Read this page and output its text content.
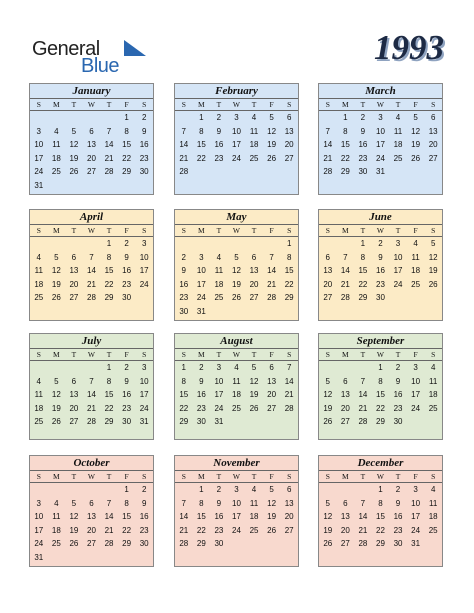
General
Blue	1993
January
S	M	T	W	T	F	S
					1	2
3	4	5	6	7	8	9
10	11	12	13	14	15	16
17	18	19	20	21	22	23
24	25	26	27	28	29	30
31						
February
S	M	T	W	T	F	S
	1	2	3	4	5	6
7	8	9	10	11	12	13
14	15	16	17	18	19	20
21	22	23	24	25	26	27
28						
March
S	M	T	W	T	F	S
	1	2	3	4	5	6
7	8	9	10	11	12	13
14	15	16	17	18	19	20
21	22	23	24	25	26	27
28	29	30	31			
April
S	M	T	W	T	F	S
				1	2	3
4	5	6	7	8	9	10
11	12	13	14	15	16	17
18	19	20	21	22	23	24
25	26	27	28	29	30	
May
S	M	T	W	T	F	S
						1
2	3	4	5	6	7	8
9	10	11	12	13	14	15
16	17	18	19	20	21	22
23	24	25	26	27	28	29
30	31					
June
S	M	T	W	T	F	S
		1	2	3	4	5
6	7	8	9	10	11	12
13	14	15	16	17	18	19
20	21	22	23	24	25	26
27	28	29	30			
July
S	M	T	W	T	F	S
				1	2	3
4	5	6	7	8	9	10
11	12	13	14	15	16	17
18	19	20	21	22	23	24
25	26	27	28	29	30	31
August
S	M	T	W	T	F	S
1	2	3	4	5	6	7
8	9	10	11	12	13	14
15	16	17	18	19	20	21
22	23	24	25	26	27	28
29	30	31				
September
S	M	T	W	T	F	S
			1	2	3	4
5	6	7	8	9	10	11
12	13	14	15	16	17	18
19	20	21	22	23	24	25
26	27	28	29	30		
October
S	M	T	W	T	F	S
					1	2
3	4	5	6	7	8	9
10	11	12	13	14	15	16
17	18	19	20	21	22	23
24	25	26	27	28	29	30
31						
November
S	M	T	W	T	F	S
	1	2	3	4	5	6
7	8	9	10	11	12	13
14	15	16	17	18	19	20
21	22	23	24	25	26	27
28	29	30				
December
S	M	T	W	T	F	S
			1	2	3	4
5	6	7	8	9	10	11
12	13	14	15	16	17	18
19	20	21	22	23	24	25
26	27	28	29	30	31	
